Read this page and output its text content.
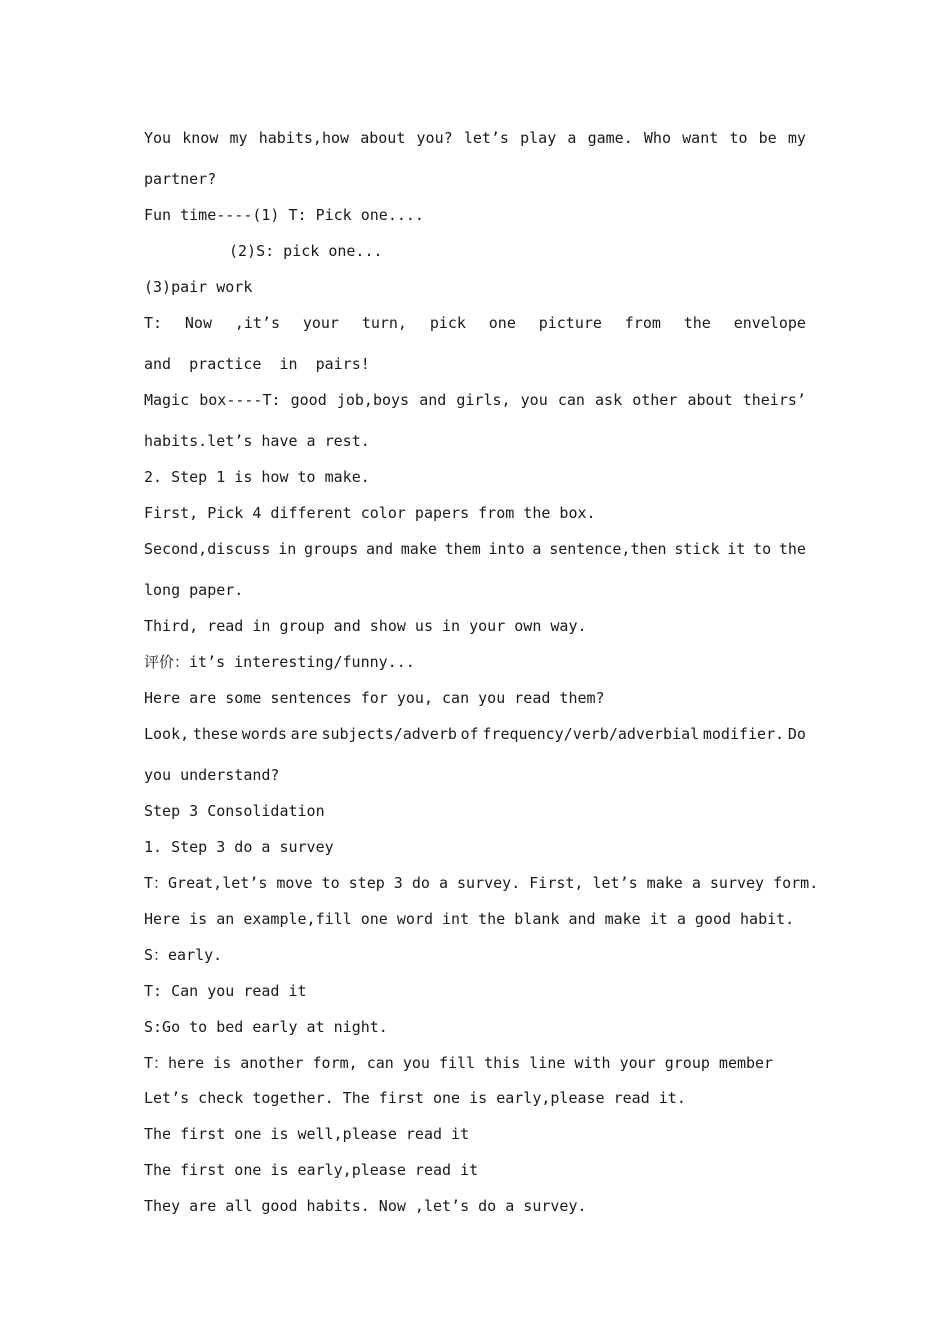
You know my habits,how about you? let’s play a game. Who want to be my
partner?
Fun time----(1) T: Pick one....
(2)S: pick one...
(3)pair work
T: Now ,it’s your turn, pick one picture from the envelope
and  practice  in  pairs!
Magic box----T: good job,boys and girls, you can ask other about theirs’
habits.let’s have a rest.
2. Step 1 is how to make.
First, Pick 4 different color papers from the box.
Second,discuss in groups and make them into a sentence,then stick it to the
long paper.
Third, read in group and show us in your own way.
评价：it’s interesting/funny...
Here are some sentences for you, can you read them?
Look, these words are subjects/adverb of frequency/verb/adverbial modifier. Do
you understand?
Step 3 Consolidation
1. Step 3 do a survey
T：Great,let’s move to step 3 do a survey. First, let’s make a survey form.
Here is an example,fill one word int the blank and make it a good habit.
S：early.
T: Can you read it
S:Go to bed early at night.
T：here is another form, can you fill this line with your group member
Let’s check together. The first one is early,please read it.
The first one is well,please read it
The first one is early,please read it
They are all good habits. Now ,let’s do a survey.
